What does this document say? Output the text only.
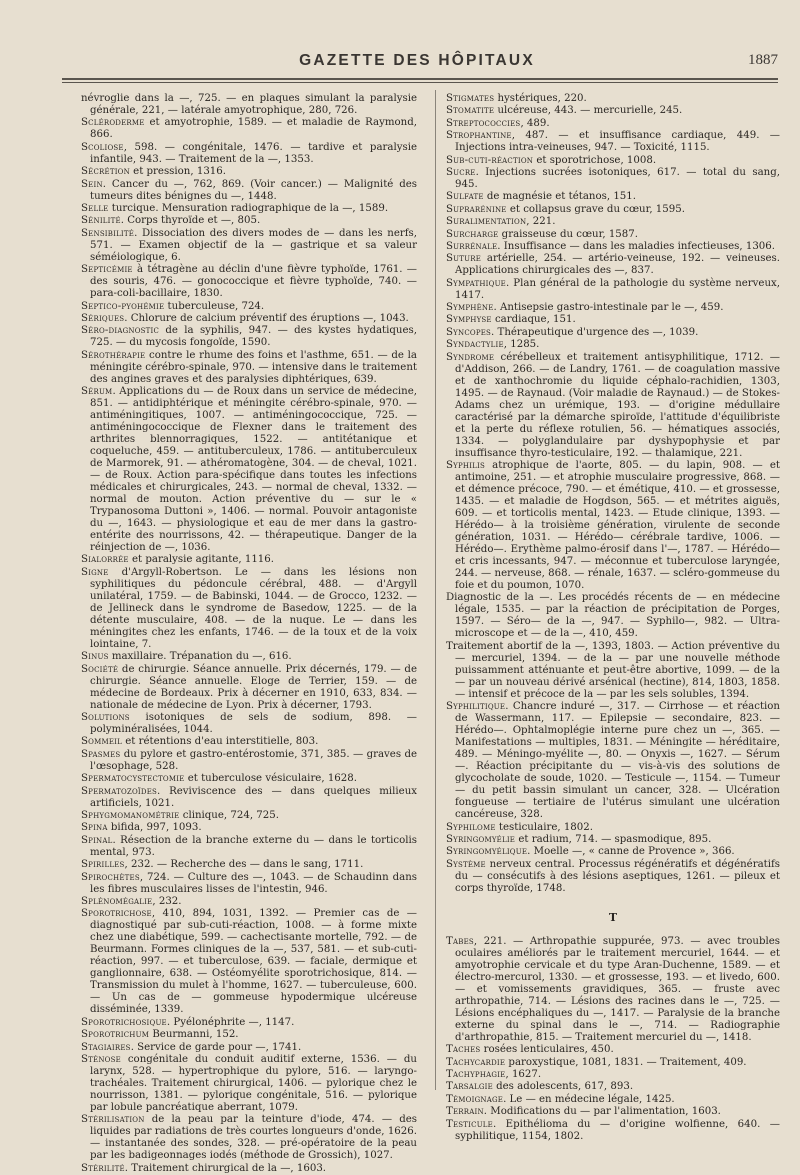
GAZETTE DES HÔPITAUX	1887

névroglie dans la —, 725. — en plaques simulant la paralysie générale, 221, — latérale amyotrophique, 280, 726.

Scléroderme et amyotrophie, 1589. — et maladie de Raymond, 866.

Scoliose, 598. — congénitale, 1476. — tardive et paralysie infantile, 943. — Traitement de la —, 1353.

Sécrétion et pression, 1316.

Sein. Cancer du —, 762, 869. (Voir cancer.) — Malignité des tumeurs dites bénignes du —, 1448.

Selle turcique. Mensuration radiographique de la —, 1589.

Sénilité. Corps thyroïde et —, 805.

Sensibilité. Dissociation des divers modes de — dans les nerfs, 571. — Examen objectif de la — gastrique et sa valeur séméiologique, 6.

Septicémie à tétragène au déclin d'une fièvre typhoïde, 1761. — des souris, 476. — gonococcique et fièvre typhoïde, 740. — para-coli-bacillaire, 1830.

Septico-pyohémie tuberculeuse, 724.

Sériques. Chlorure de calcium préventif des éruptions —, 1043.

Séro-diagnostic de la syphilis, 947. — des kystes hydatiques, 725. — du mycosis fongoïde, 1590.

Sérothérapie contre le rhume des foins et l'asthme, 651. — de la méningite cérébro-spinale, 970. — intensive dans le traitement des angines graves et des paralysies diphtériques, 639.

Sérum. Applications du — de Roux dans un service de médecine, 851. — antidiphtérique et méningite cérébro-spinale, 970. — antiméningitiques, 1007. — antiméningococcique, 725. — antiméningococcique de Flexner dans le traitement des arthrites blennorragiques, 1522. — antitétanique et coqueluche, 459. — antituberculeux, 1786. — antituberculeux de Marmorek, 91. — athéromatogène, 304. — de cheval, 1021. — de Roux. Action para-spécifique dans toutes les infections médicales et chirurgicales, 243. — normal de cheval, 1332. — normal de mouton. Action préventive du — sur le « Trypanosoma Duttoni », 1406. — normal. Pouvoir antagoniste du —, 1643. — physiologique et eau de mer dans la gastro-entérite des nourrissons, 42. — thérapeutique. Danger de la réinjection de —, 1036.

Sialorrée et paralysie agitante, 1116.

Signe d'Argyll-Robertson. Le — dans les lésions non syphilitiques du pédoncule cérébral, 488. — d'Argyll unilatéral, 1759. — de Babinski, 1044. — de Grocco, 1232. — de Jellineck dans le syndrome de Basedow, 1225. — de la détente musculaire, 408. — de la nuque. Le — dans les méningites chez les enfants, 1746. — de la toux et de la voix lointaine, 7.

Sinus maxillaire. Trépanation du —, 616.

Société de chirurgie. Séance annuelle. Prix décernés, 179. — de chirurgie. Séance annuelle. Eloge de Terrier, 159. — de médecine de Bordeaux. Prix à décerner en 1910, 633, 834. — nationale de médecine de Lyon. Prix à décerner, 1793.

Solutions isotoniques de sels de sodium, 898. — polyminéralisées, 1044.

Sommeil et rétentions d'eau interstitielle, 803.

Spasmes du pylore et gastro-entérostomie, 371, 385. — graves de l'œsophage, 528.

Spermatocystectomie et tuberculose vésiculaire, 1628.

Spermatozoïdes. Reviviscence des — dans quelques milieux artificiels, 1021.

Sphygmomanométrie clinique, 724, 725.

Spina bifida, 997, 1093.

Spinal. Résection de la branche externe du — dans le torticolis mental, 973.

Spirilles, 232. — Recherche des — dans le sang, 1711.

Spirochètes, 724. — Culture des —, 1043. — de Schaudinn dans les fibres musculaires lisses de l'intestin, 946.

Splénomégalie, 232.

Sporotrichose, 410, 894, 1031, 1392. — Premier cas de — diagnostiqué par sub-cuti-réaction, 1008. — à forme mixte chez une diabétique, 599. — cachectisante mortelle, 792. — de Beurmann. Formes cliniques de la —, 537, 581. — et sub-cuti-réaction, 997. — et tuberculose, 639. — faciale, dermique et ganglionnaire, 638. — Ostéomyélite sporotrichosique, 814. — Transmission du mulet à l'homme, 1627. — tuberculeuse, 600. — Un cas de — gommeuse hypodermique ulcéreuse disséminée, 1339.

Sporotrichosique. Pyélonéphrite —, 1147.

Sporotrichum Beurmanni, 152.

Stagiaires. Service de garde pour —, 1741.

Sténose congénitale du conduit auditif externe, 1536. — du larynx, 528. — hypertrophique du pylore, 516. — laryngo-trachéales. Traitement chirurgical, 1406. — pylorique chez le nourrisson, 1381. — pylorique congénitale, 516. — pylorique par lobule pancréatique aberrant, 1079.

Stérilisation de la peau par la teinture d'iode, 474. — des liquides par radiations de très courtes longueurs d'onde, 1626. — instantanée des sondes, 328. — pré-opératoire de la peau par les badigeonnages iodés (méthode de Grossich), 1027.

Stérilité. Traitement chirurgical de la —, 1603.

Stigmates hystériques, 220.

Stomatite ulcéreuse, 443. — mercurielle, 245.

Streptococcies, 489.

Strophantine, 487. — et insuffisance cardiaque, 449. — Injections intra-veineuses, 947. — Toxicité, 1115.

Sub-cuti-réaction et sporotrichose, 1008.

Sucre. Injections sucrées isotoniques, 617. — total du sang, 945.

Sulfate de magnésie et tétanos, 151.

Suprarénine et collapsus grave du cœur, 1595.

Suralimentation, 221.

Surcharge graisseuse du cœur, 1587.

Surrénale. Insuffisance — dans les maladies infectieuses, 1306.

Suture artérielle, 254. — artério-veineuse, 192. — veineuses. Applications chirurgicales des —, 837.

Sympathique. Plan général de la pathologie du système nerveux, 1417.

Symphène. Antisepsie gastro-intestinale par le —, 459.

Symphyse cardiaque, 151.

Syncopes. Thérapeutique d'urgence des —, 1039.

Syndactylie, 1285.

Syndrome cérébelleux et traitement antisyphilitique, 1712. — d'Addison, 266. — de Landry, 1761. — de coagulation massive et de xanthochromie du liquide céphalo-rachidien, 1303, 1495. — de Raynaud. (Voir maladie de Raynaud.) — de Stokes-Adams chez un urémique, 193. — d'origine médullaire caractérisé par la démarche spiroïde, l'attitude d'équilibriste et la perte du réflexe rotulien, 56. — hématiques associés, 1334. — polyglandulaire par dyshypophysie et par insuffisance thyro-testiculaire, 192. — thalamique, 221.

Syphilis atrophique de l'aorte, 805. — du lapin, 908. — et antimoine, 251. — et atrophie musculaire progressive, 868. — et démence précoce, 790. — et émétique, 410. — et grossesse, 1435. — et maladie de Hogdson, 565. — et métrites aiguës, 609. — et torticolis mental, 1423. — Etude clinique, 1393. — Hérédo— à la troisième génération, virulente de seconde génération, 1031. — Hérédo— cérébrale tardive, 1006. — Hérédo—. Erythème palmo-érosif dans l'—, 1787. — Hérédo— et cris incessants, 947. — méconnue et tuberculose laryngée, 244. — nerveuse, 868. — rénale, 1637. — scléro-gommeuse du foie et du poumon, 1070.

Diagnostic de la —. Les procédés récents de — en médecine légale, 1535. — par la réaction de précipitation de Porges, 1597. — Séro— de la —, 947. — Syphilo—, 982. — Ultra-microscope et — de la —, 410, 459.

Traitement abortif de la —, 1393, 1803. — Action préventive du — mercuriel, 1394. — de la — par une nouvelle méthode puissamment atténuante et peut-être abortive, 1099. — de la — par un nouveau dérivé arsénical (hectine), 814, 1803, 1858. — intensif et précoce de la — par les sels solubles, 1394.

Syphilitique. Chancre induré —, 317. — Cirrhose — et réaction de Wassermann, 117. — Epilepsie — secondaire, 823. — Hérédo—. Ophtalmoplégie interne pure chez un —, 365. — Manifestations — multiples, 1831. — Méningite — héréditaire, 489. — Méningo-myélite —, 80. — Onyxis —, 1627. — Sérum —. Réaction précipitante du — vis-à-vis des solutions de glycocholate de soude, 1020. — Testicule —, 1154. — Tumeur — du petit bassin simulant un cancer, 328. — Ulcération fongueuse — tertiaire de l'utérus simulant une ulcération cancéreuse, 328.

Syphilome testiculaire, 1802.

Syringomyélie et radium, 714. — spasmodique, 895.

Syringomyélique. Moelle —, « canne de Provence », 366.

Système nerveux central. Processus régénératifs et dégénératifs du — consécutifs à des lésions aseptiques, 1261. — pileux et corps thyroïde, 1748.

T

Tabes, 221. — Arthropathie suppurée, 973. — avec troubles oculaires améliorés par le traitement mercuriel, 1644. — et amyotrophie cervicale et du type Aran-Duchenne, 1589. — et électro-mercurol, 1330. — et grossesse, 193. — et livedo, 600. — et vomissements gravidiques, 365. — fruste avec arthropathie, 714. — Lésions des racines dans le —, 725. — Lésions encéphaliques du —, 1417. — Paralysie de la branche externe du spinal dans le —, 714. — Radiographie d'arthropathie, 815. — Traitement mercuriel du —, 1418.

Taches rosées lenticulaires, 450.

Tachycardie paroxystique, 1081, 1831. — Traitement, 409.

Tachyphagie, 1627.

Tarsalgie des adolescents, 617, 893.

Témoignage. Le — en médecine légale, 1425.

Terrain. Modifications du — par l'alimentation, 1603.

Testicule. Epithélioma du — d'origine wolfienne, 640. — syphilitique, 1154, 1802.
